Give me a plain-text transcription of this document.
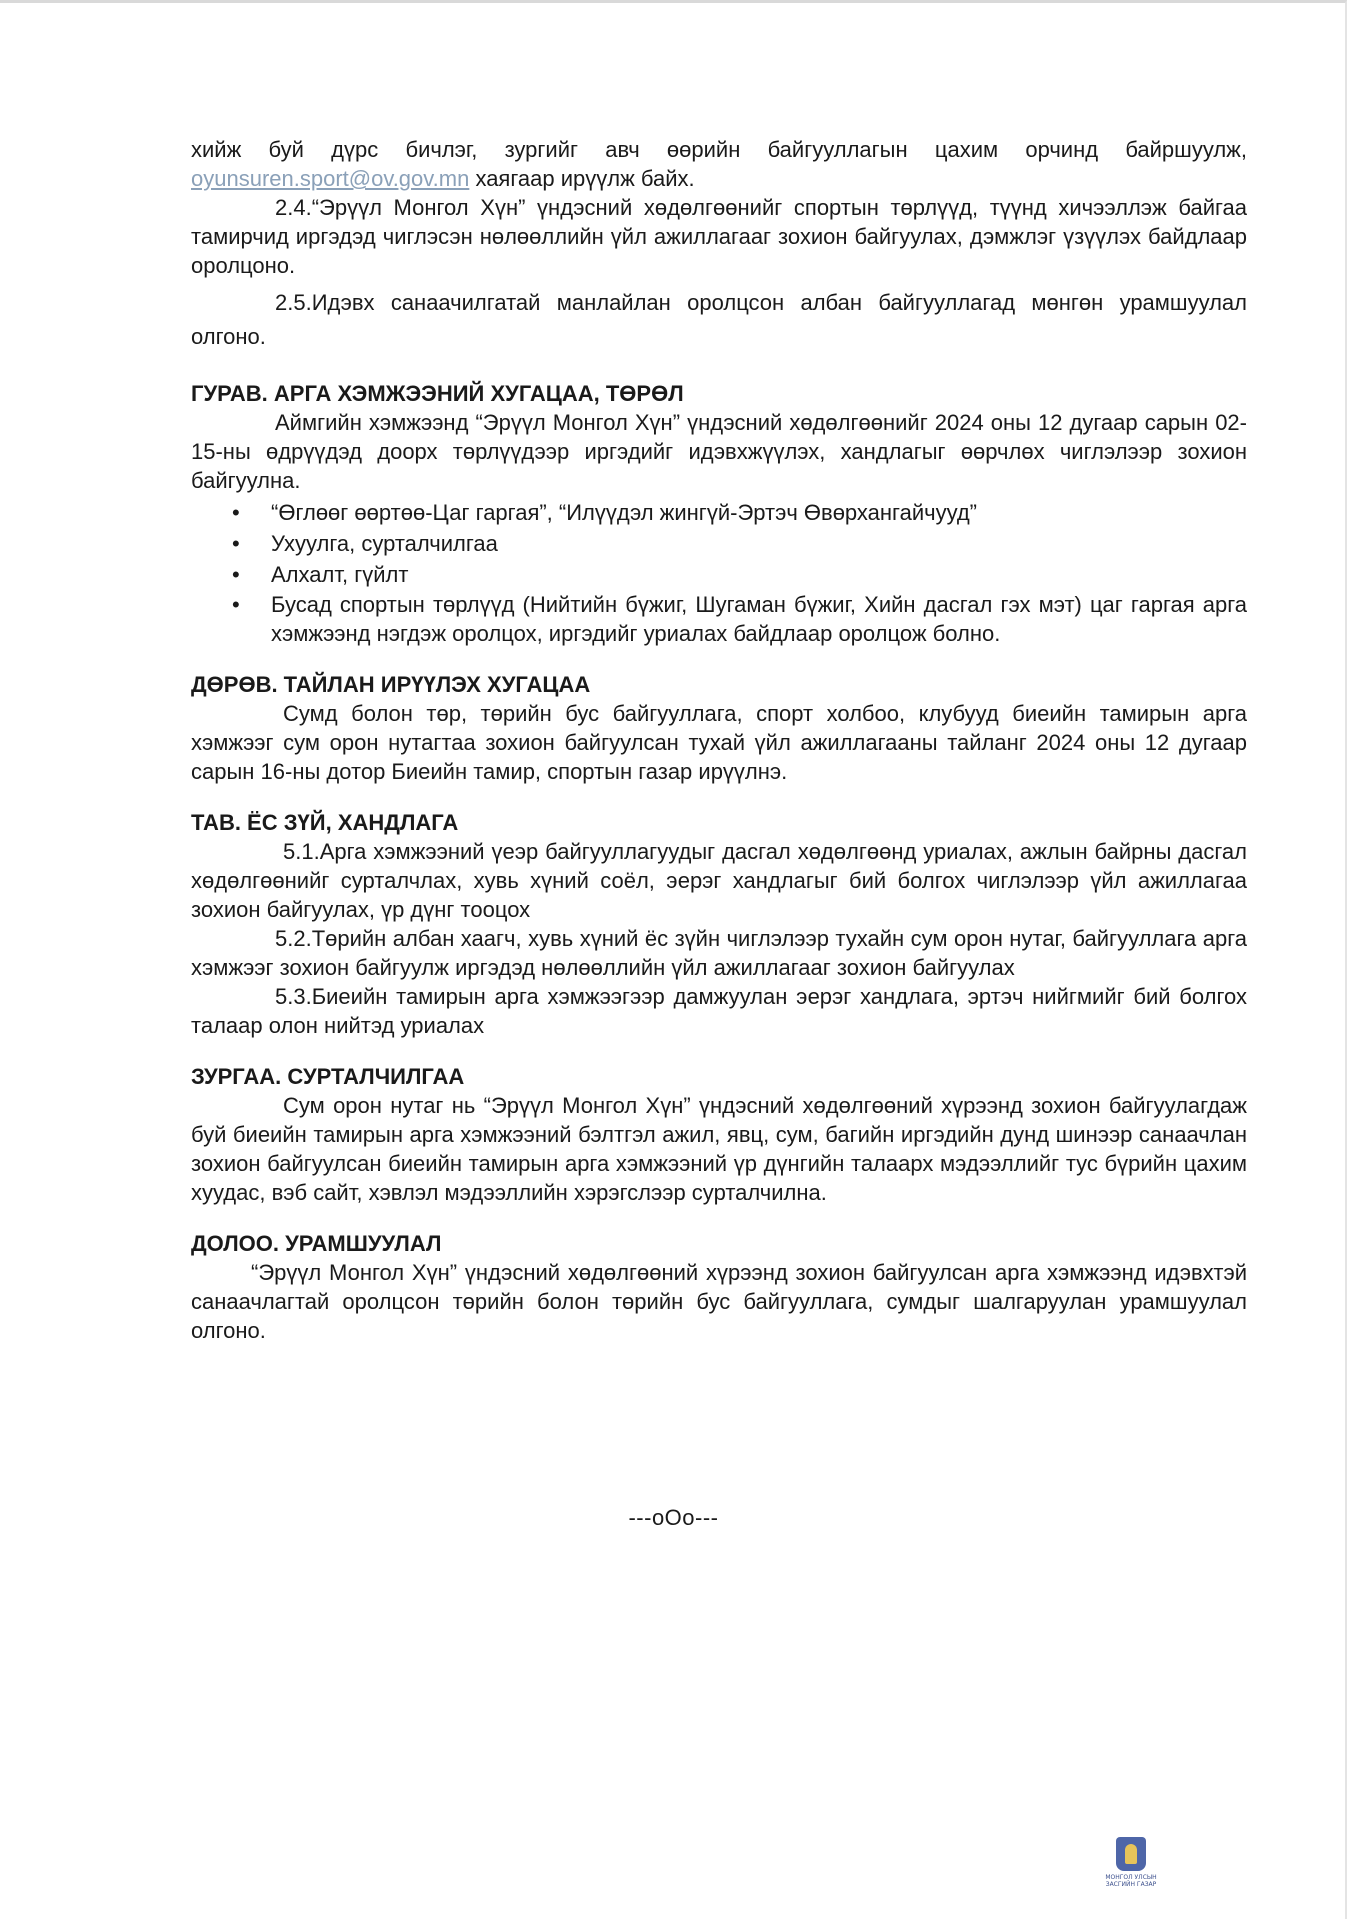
хийж буй дүрс бичлэг, зургийг авч өөрийн байгууллагын цахим орчинд байршуулж, oyunsuren.sport@ov.gov.mn хаягаар ирүүлж байх.

2.4.“Эрүүл Монгол Хүн” үндэсний хөдөлгөөнийг спортын төрлүүд, түүнд хичээллэж байгаа тамирчид иргэдэд чиглэсэн нөлөөллийн үйл ажиллагааг зохион байгуулах, дэмжлэг үзүүлэх байдлаар оролцоно.

2.5.Идэвх санаачилгатай манлайлан оролцсон албан байгууллагад мөнгөн урамшуулал олгоно.

ГУРАВ. АРГА ХЭМЖЭЭНИЙ ХУГАЦАА, ТӨРӨЛ

Аймгийн хэмжээнд “Эрүүл Монгол Хүн” үндэсний хөдөлгөөнийг 2024 оны 12 дугаар сарын 02-15-ны өдрүүдэд доорх төрлүүдээр иргэдийг идэвхжүүлэх, хандлагыг өөрчлөх чиглэлээр зохион байгуулна.

• “Өглөөг өөртөө-Цаг гаргая”, “Илүүдэл жингүй-Эртэч Өвөрхангайчууд”
• Ухуулга, сурталчилгаа
• Алхалт, гүйлт
• Бусад спортын төрлүүд (Нийтийн бүжиг, Шугаман бүжиг, Хийн дасгал гэх мэт) цаг гаргая арга хэмжээнд нэгдэж оролцох, иргэдийг уриалах байдлаар оролцож болно.
ДӨРӨВ. ТАЙЛАН ИРҮҮЛЭХ ХУГАЦАА

Сумд болон төр, төрийн бус байгууллага, спорт холбоо, клубууд биеийн тамирын арга хэмжээг сум орон нутагтаа зохион байгуулсан тухай үйл ажиллагааны тайланг 2024 оны 12 дугаар сарын 16-ны дотор Биеийн тамир, спортын газар ирүүлнэ.

ТАВ. ЁС ЗҮЙ, ХАНДЛАГА

5.1.Арга хэмжээний үеэр байгууллагуудыг дасгал хөдөлгөөнд уриалах, ажлын байрны дасгал хөдөлгөөнийг сурталчлах, хувь хүний соёл, эерэг хандлагыг бий болгох чиглэлээр үйл ажиллагаа зохион байгуулах, үр дүнг тооцох

5.2.Төрийн албан хаагч, хувь хүний ёс зүйн чиглэлээр тухайн сум орон нутаг, байгууллага арга хэмжээг зохион байгуулж иргэдэд нөлөөллийн үйл ажиллагааг зохион байгуулах

5.3.Биеийн тамирын арга хэмжээгээр дамжуулан эерэг хандлага, эртэч нийгмийг бий болгох талаар олон нийтэд уриалах

ЗУРГАА. СУРТАЛЧИЛГАА

Сум орон нутаг нь “Эрүүл Монгол Хүн” үндэсний хөдөлгөөний хүрээнд зохион байгуулагдаж буй биеийн тамирын арга хэмжээний бэлтгэл ажил, явц, сум, багийн иргэдийн дунд шинээр санаачлан зохион байгуулсан биеийн тамирын арга хэмжээний үр дүнгийн талаарх мэдээллийг тус бүрийн цахим хуудас, вэб сайт, хэвлэл мэдээллийн хэрэгслээр сурталчилна.

ДОЛОО. УРАМШУУЛАЛ

“Эрүүл Монгол Хүн” үндэсний хөдөлгөөний хүрээнд зохион байгуулсан арга хэмжээнд идэвхтэй санаачлагтай оролцсон төрийн болон төрийн бус байгууллага, сумдыг шалгаруулан урамшуулал олгоно.

---oOo---
МОНГОЛ УЛСЫН ЗАСГИЙН ГАЗАР
